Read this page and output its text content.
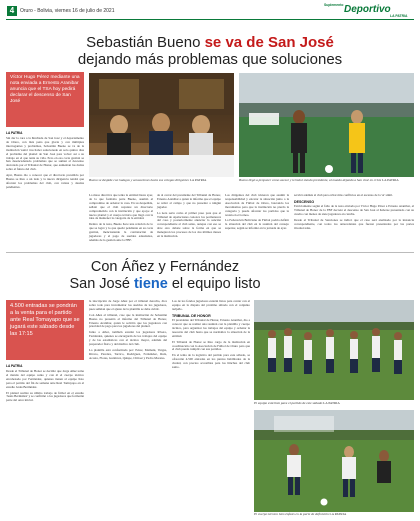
4	Oruro - Bolivia, viernes 16 de julio de 2021
Suplemento Deportivo
LA PATRIA
Sebastián Bueno se va de San José
dejando más problemas que soluciones
Víctor Hugo Pérez mediante una nota enviada a Ernesto Aranibar anuncia que el TSA hoy pedirá declarar el descenso de San José
LA PATRIA

Sin dar la cara a la hinchada de San José y el departamento de Oruro, con más pena que gloria y con múltiples interrogantes y problemas, Sebastián Bueno se va de la institución 'santa' tras haber solucionado en solo quince días el problema del plantel de San José para volver así a su trabajo en el que tenía su vida. Pero en esa corta gestión se han desencadenado problemas que se suman al descenso decretado por el Tribunal de Honor, que aumentan las dudas sobre el futuro del club.

Ayer, Bueno dio a conocer que el directorio presidido por Bueno se hizo a un lado y la nueva dirigencia tendrá que afrontar los problemas del club, con ventas y deudas pendientes.

Bueno se despide con halagos y acusaciones hacia sus colegas dirigentes LA PATRIA	Bueno llegó a proponer como asesor y terminó siendo presidente, al mando dejando a San José en crisis LA PATRIA

La mesa directiva que tenía la entidad hasta ayer, de la que formaba parte Bueno, asumió el compromiso de ordenar la casa. En su despedida, señaló que el club requiere un directorio comprometido con la institución y que apoye al nuevo plantel y al cuerpo técnico que llegó con la idea de mantener la categoría de la entidad.

Dentro de la nota, Bueno hace una relación de lo que se logró y lo que quedó pendiente en su corta gestión, mencionando la contratación de jugadores y el pago de sueldos adeudados, además de la gestión ante la FBF.

de al cerrar del presidente del Tribunal de Honor, Ernesto Aranibar a quien le informa que el equipo se retiró al campo y que no presentó a ningún jugador.

La nota sería como el primer paso para que el Tribunal de Apelaciones conozca los pormenores del caso y posteriormente anunciar la sanción correspondiente al club santo, aunque con eso se abre otro debate sobre la forma en que se manejaron los procesos de los dos últimos meses en la institución.

Los dirigentes del club tuvieron que asumir la responsabilidad y encarar la situación junto a la Asociación de Fútbol de Oruro, buscando los mecanismos para que la institución no pierda la categoría y pueda afrontar los partidos que le restan en el torneo.

La Federación Boliviana de Fútbol podría definir la situación del club en la reunión del consejo superior, según se informó en la jornada de ayer.

servirá además al club para evitar más conflictos en el ascenso de la 'A' simil.

DESCENSO

Estrictamente según el fallo de la nota enviada por Víctor Hugo Pérez a Ernesto Aranibar, el Tribunal de Honor de la FBF decretó el descenso de San José al haberse presentado con su cuadro con menos de siete jugadores en cancha.

Desde el Tribunal de Sanciones se indicó que el caso será analizado por la instancia correspondiente, con todos los antecedentes que fueron presentados por las partes involucradas.

Con Áñez y Fernández
San José tiene el equipo listo
4.500 entradas se pondrán a la venta para el partido ante Real Tomayapo que se jugará este sábado desde las 17:15
LA PATRIA

Desde el Tribunal de Honor se decidió que Jorge Añez tome el mando del equipo santo y con él el cuerpo técnico encabezado por Fernández, quienes tienen al equipo listo para el partido del fin de semana ante Real Tomayapo en el estadio Jesús Bermúdez.

El plantel realizó su último trabajo de fútbol en el estadio 'Jesús Bermúdez' y se confirmó a los jugadores que formarán parte del once inicial.

la inscripción de Jorge Añez por el tribunal derecho, dice sobre todo para incrementar los sueldos de los jugadores, pues señalan que el ajuste de la plantilla se debe cubrir.

Con Añez el tribunal, cree que la institución de Sebastián Bueno no presentó el informe del Tribunal de Honor, Ernesto Aranibar, quien le solicitó que los jugadores con prioridad de pago para los jugadores del plantel.

Junto a Añez, también estarán los jugadores Rivero, Fernández, quienes se encargarán de los trabajos del equipo y de las estadísticas con el técnico mayor, además del preparador físico y del médico del club.

La plantilla está conformada por: Pérez, Mamani, Vargas, Rivero, Paredes, Torrico, Rodríguez, Fernández, Ruiz, Acosta, Flores, Gutiérrez, Quispe, Chávez y Pedro Moreno.

Los de los fondos jugadores estarán listos para contar con el equipo en la disputa del próximo sábado con el conjunto tarijeño.

TRIBUNAL DE HONOR

El presidente del Tribunal de Honor, Ernesto Aranibar, dio a conocer que se realizó una reunión con la plantilla y cuerpo técnico, para organizar los trabajos del equipo y ordenar la tesorería del club hasta que se normalice la situación de la entidad.

El Tribunal de Honor se hizo cargo de la institución en coordinación con la Asociación de Fútbol de Oruro para que el club pueda cumplir con sus partidos.

En el tema de la logística del partido para este sábado, se ofrecerán 4.500 entradas en los puntos habilitados de la ciudad, con precios accesibles para los hinchas del club santo.

El equipo está listo para el partido de este sábado LA PATRIA
El cuerpo técnico hizo énfasis en la parte de definición LA PATRIA
